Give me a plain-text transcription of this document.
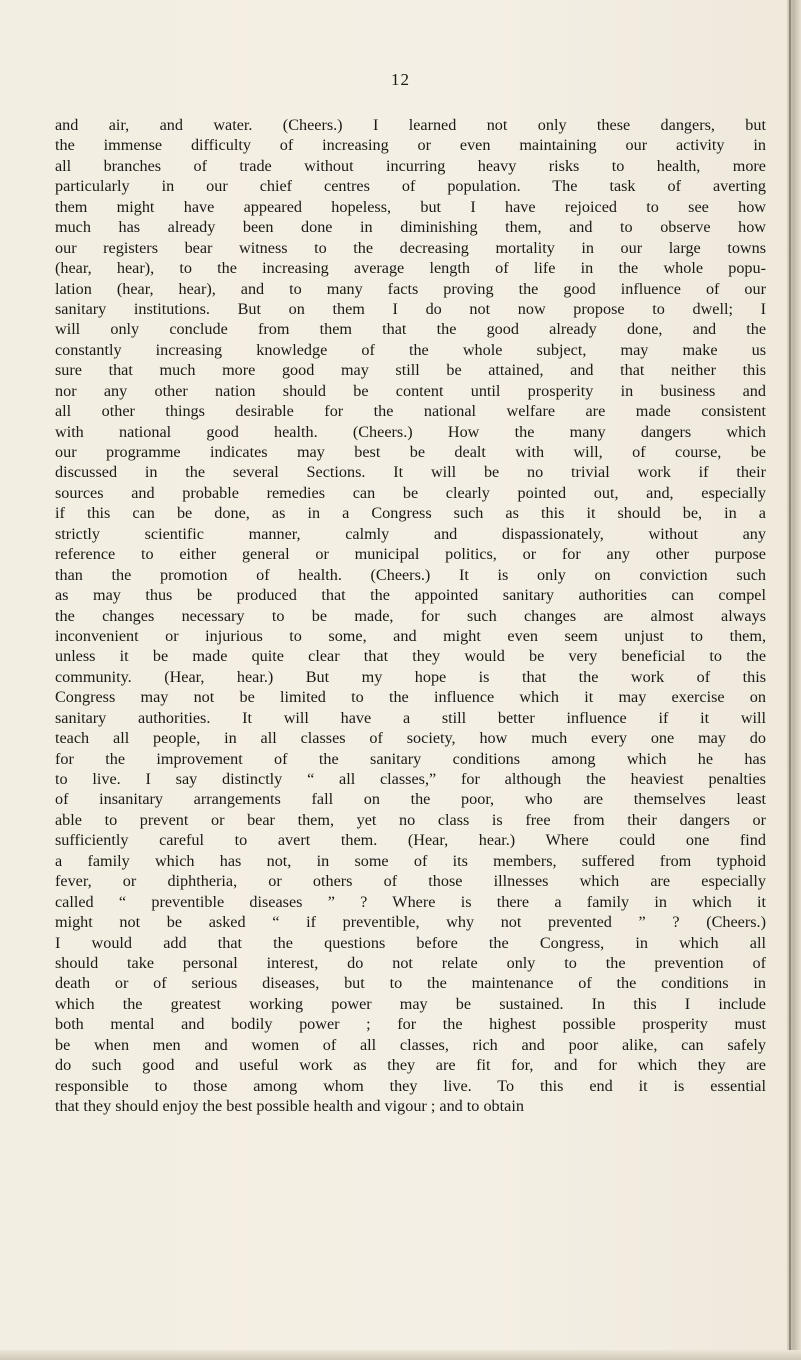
12
and air, and water. (Cheers.) I learned not only these dangers, but
the immense difficulty of increasing or even maintaining our activity in
all branches of trade without incurring heavy risks to health, more
particularly in our chief centres of population. The task of averting
them might have appeared hopeless, but I have rejoiced to see how
much has already been done in diminishing them, and to observe how
our registers bear witness to the decreasing mortality in our large towns
(hear, hear), to the increasing average length of life in the whole popu-
lation (hear, hear), and to many facts proving the good influence of our
sanitary institutions. But on them I do not now propose to dwell; I
will only conclude from them that the good already done, and the
constantly increasing knowledge of the whole subject, may make us
sure that much more good may still be attained, and that neither this
nor any other nation should be content until prosperity in business and
all other things desirable for the national welfare are made consistent
with national good health. (Cheers.) How the many dangers which
our programme indicates may best be dealt with will, of course, be
discussed in the several Sections. It will be no trivial work if their
sources and probable remedies can be clearly pointed out, and, especially
if this can be done, as in a Congress such as this it should be, in a
strictly scientific manner, calmly and dispassionately, without any
reference to either general or municipal politics, or for any other purpose
than the promotion of health. (Cheers.) It is only on conviction such
as may thus be produced that the appointed sanitary authorities can compel
the changes necessary to be made, for such changes are almost always
inconvenient or injurious to some, and might even seem unjust to them,
unless it be made quite clear that they would be very beneficial to the
community. (Hear, hear.) But my hope is that the work of this
Congress may not be limited to the influence which it may exercise on
sanitary authorities. It will have a still better influence if it will
teach all people, in all classes of society, how much every one may do
for the improvement of the sanitary conditions among which he has
to live. I say distinctly “ all classes,” for although the heaviest penalties
of insanitary arrangements fall on the poor, who are themselves least
able to prevent or bear them, yet no class is free from their dangers or
sufficiently careful to avert them. (Hear, hear.) Where could one find
a family which has not, in some of its members, suffered from typhoid
fever, or diphtheria, or others of those illnesses which are especially
called “ preventible diseases ” ? Where is there a family in which it
might not be asked “ if preventible, why not prevented ” ? (Cheers.)
I would add that the questions before the Congress, in which all
should take personal interest, do not relate only to the prevention of
death or of serious diseases, but to the maintenance of the conditions in
which the greatest working power may be sustained. In this I include
both mental and bodily power ; for the highest possible prosperity must
be when men and women of all classes, rich and poor alike, can safely
do such good and useful work as they are fit for, and for which they are
responsible to those among whom they live. To this end it is essential
that they should enjoy the best possible health and vigour ; and to obtain
